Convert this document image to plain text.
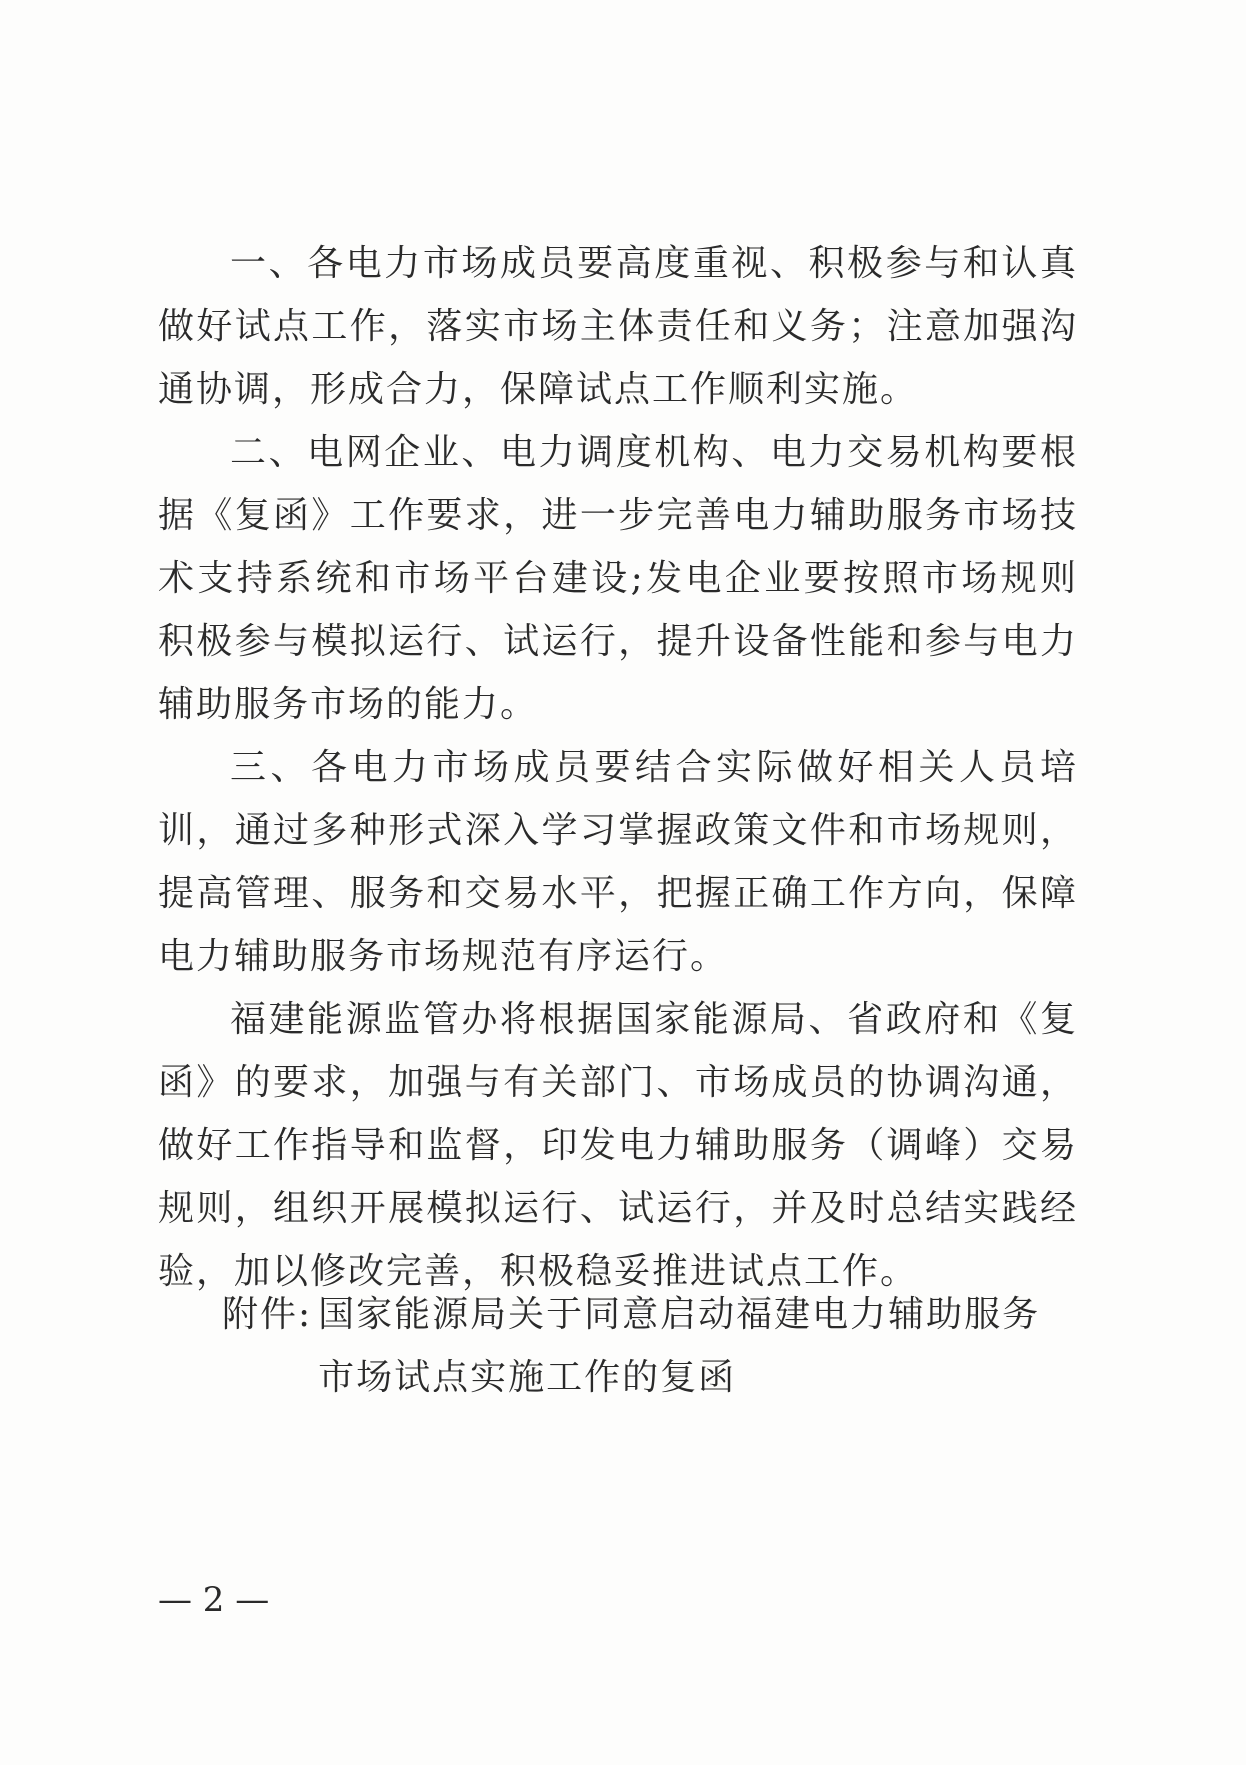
一、各电力市场成员要高度重视、积极参与和认真做好试点工作，落实市场主体责任和义务；注意加强沟通协调，形成合力，保障试点工作顺利实施。

二、电网企业、电力调度机构、电力交易机构要根据《复函》工作要求，进一步完善电力辅助服务市场技术支持系统和市场平台建设;发电企业要按照市场规则积极参与模拟运行、试运行，提升设备性能和参与电力辅助服务市场的能力。

三、各电力市场成员要结合实际做好相关人员培训，通过多种形式深入学习掌握政策文件和市场规则，提高管理、服务和交易水平，把握正确工作方向，保障电力辅助服务市场规范有序运行。

福建能源监管办将根据国家能源局、省政府和《复函》的要求，加强与有关部门、市场成员的协调沟通，做好工作指导和监督，印发电力辅助服务（调峰）交易规则，组织开展模拟运行、试运行，并及时总结实践经验，加以修改完善，积极稳妥推进试点工作。

附件: 国家能源局关于同意启动福建电力辅助服务市场试点实施工作的复函
— 2 —
